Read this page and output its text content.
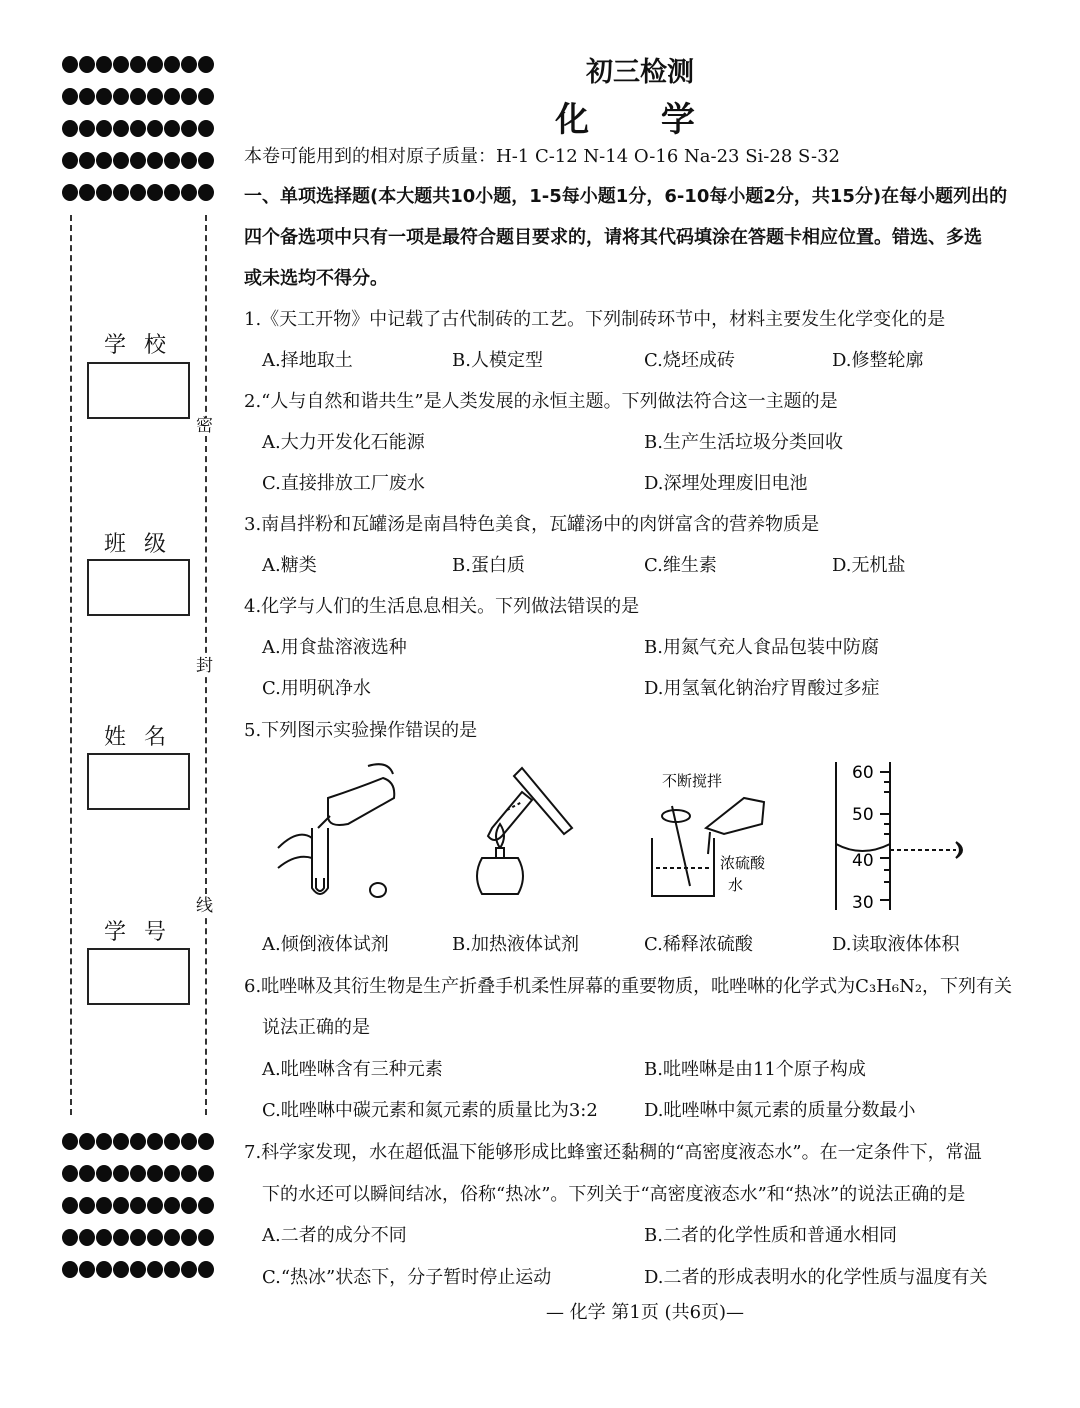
密
封
线
学校
班级
姓名
学号
初三检测
化 学
本卷可能用到的相对原子质量：H-1 C-12 N-14 O-16 Na-23 Si-28 S-32
一、单项选择题(本大题共10小题，1-5每小题1分，6-10每小题2分，共15分)在每小题列出的
四个备选项中只有一项是最符合题目要求的，请将其代码填涂在答题卡相应位置。错选、多选
或未选均不得分。
1.《天工开物》中记载了古代制砖的工艺。下列制砖环节中，材料主要发生化学变化的是
A.择地取土	B.人模定型	C.烧坯成砖	D.修整轮廓
2.“人与自然和谐共生”是人类发展的永恒主题。下列做法符合这一主题的是
A.大力开发化石能源	B.生产生活垃圾分类回收
C.直接排放工厂废水	D.深埋处理废旧电池
3.南昌拌粉和瓦罐汤是南昌特色美食，瓦罐汤中的肉饼富含的营养物质是
A.糖类	B.蛋白质	C.维生素	D.无机盐
4.化学与人们的生活息息相关。下列做法错误的是
A.用食盐溶液选种	B.用氮气充人食品包装中防腐
C.用明矾净水	D.用氢氧化钠治疗胃酸过多症
5.下列图示实验操作错误的是
不断搅拌
浓硫酸
水
60
50
40
30
A.倾倒液体试剂	B.加热液体试剂	C.稀释浓硫酸	D.读取液体体积
6.吡唑啉及其衍生物是生产折叠手机柔性屏幕的重要物质，吡唑啉的化学式为C₃H₆N₂，下列有关
说法正确的是
A.吡唑啉含有三种元素	B.吡唑啉是由11个原子构成
C.吡唑啉中碳元素和氮元素的质量比为3:2	D.吡唑啉中氮元素的质量分数最小
7.科学家发现，水在超低温下能够形成比蜂蜜还黏稠的“高密度液态水”。在一定条件下，常温
下的水还可以瞬间结冰，俗称“热冰”。下列关于“高密度液态水”和“热冰”的说法正确的是
A.二者的成分不同	B.二者的化学性质和普通水相同
C.“热冰”状态下，分子暂时停止运动	D.二者的形成表明水的化学性质与温度有关
— 化学 第1页 (共6页)—
